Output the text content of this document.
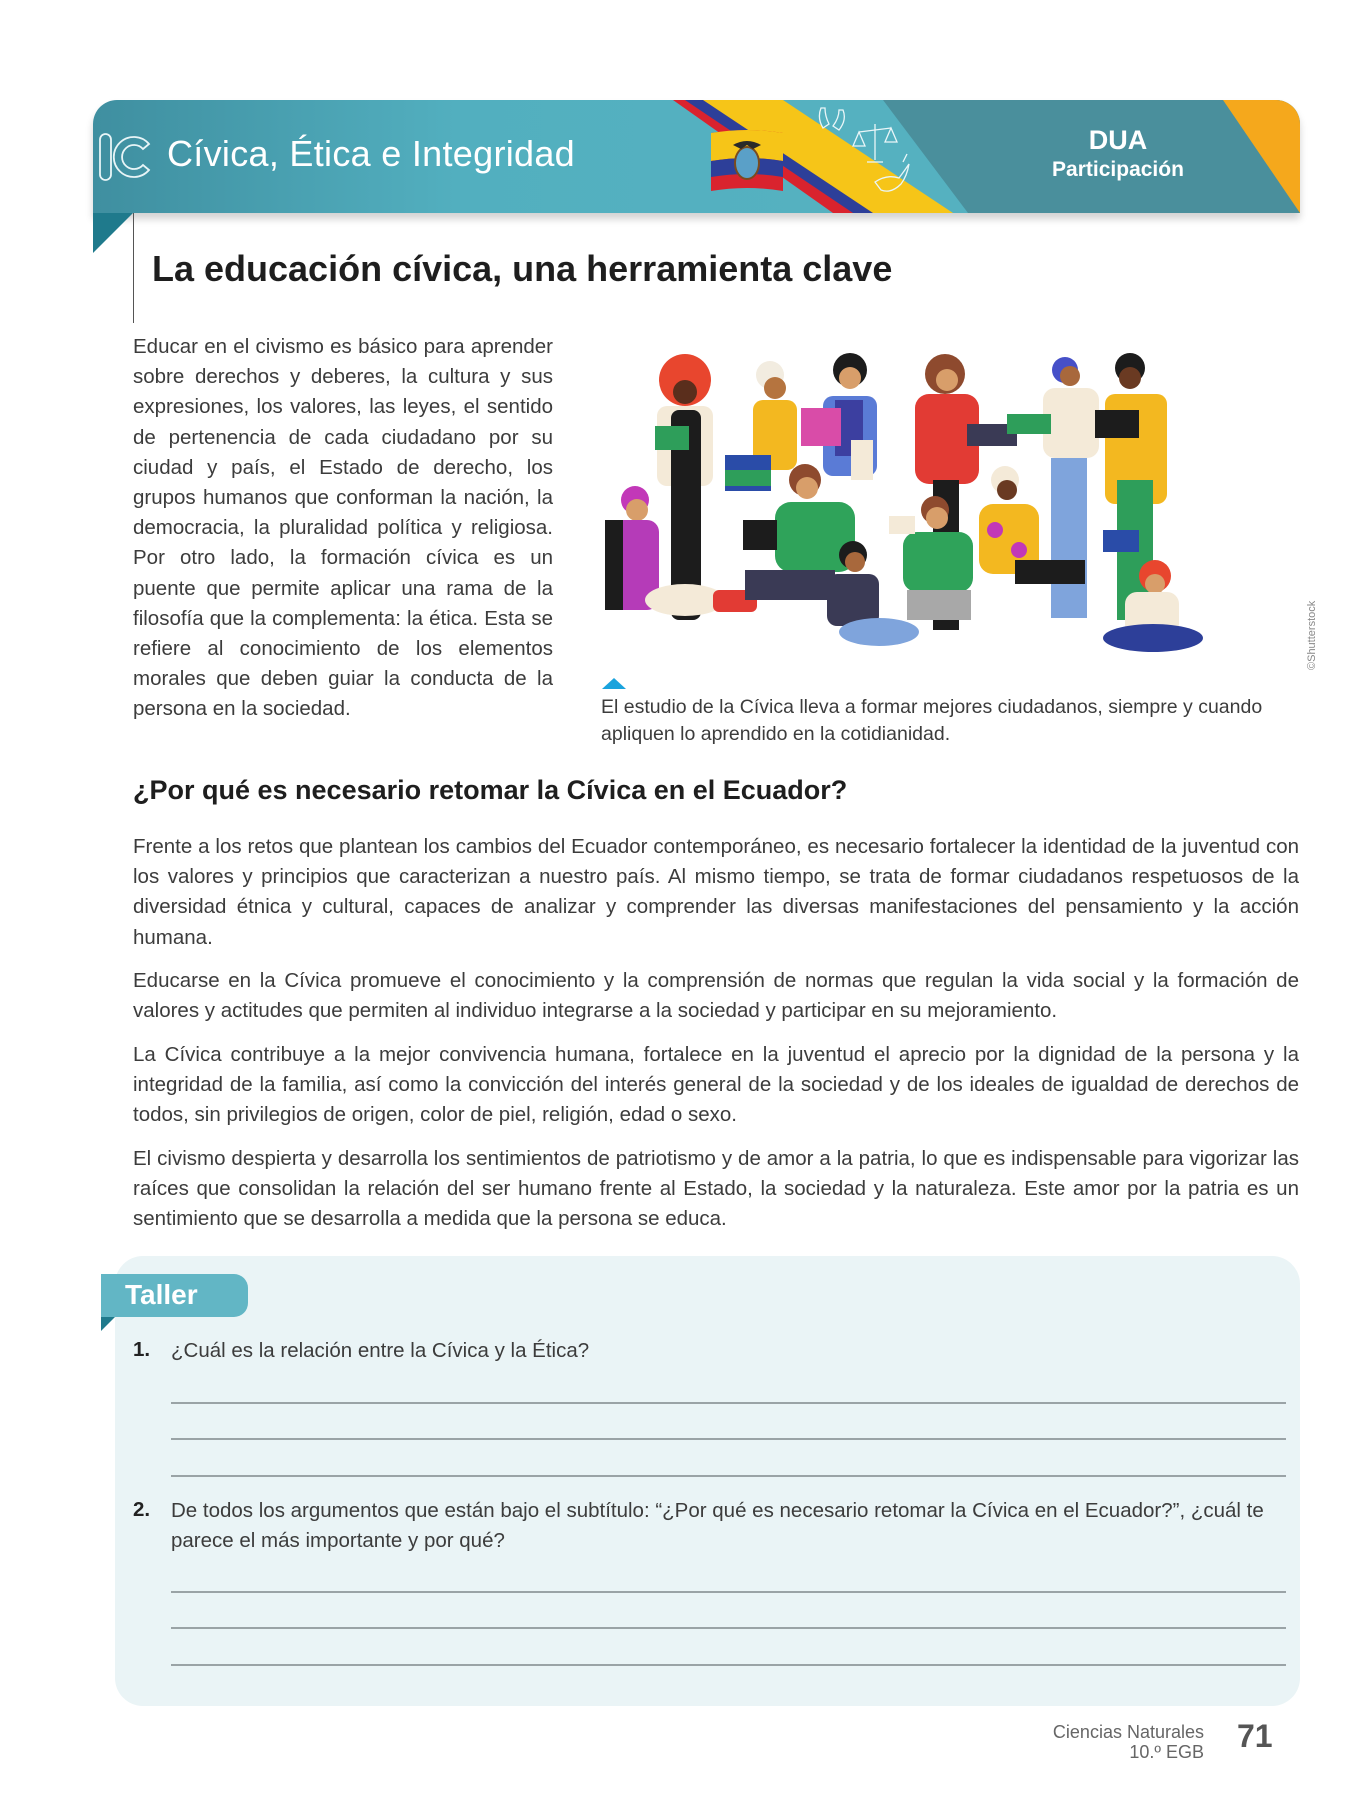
Cívica, Ética e Integridad	DUA
Participación
La educación cívica, una herramienta clave
Educar en el civismo es básico para aprender sobre derechos y deberes, la cultura y sus expresiones, los valores, las leyes, el sentido de pertenencia de cada ciudadano por su ciudad y país, el Estado de derecho, los grupos humanos que conforman la nación, la democracia, la pluralidad política y religiosa. Por otro lado, la formación cívica es un puente que permite aplicar una rama de la filosofía que la complementa: la ética. Esta se refiere al conocimiento de los elementos morales que deben guiar la conducta de la persona en la sociedad.
©Shutterstock
El estudio de la Cívica lleva a formar mejores ciudadanos, siempre y cuando apliquen lo aprendido en la cotidianidad.
¿Por qué es necesario retomar la Cívica en el Ecuador?
Frente a los retos que plantean los cambios del Ecuador contemporáneo, es necesario fortalecer la identidad de la juventud con los valores y principios que caracterizan a nuestro país. Al mismo tiempo, se trata de formar ciudadanos respetuosos de la diversidad étnica y cultural, capaces de analizar y comprender las diversas manifestaciones del pensamiento y la acción humana.
Educarse en la Cívica promueve el conocimiento y la comprensión de normas que regulan la vida social y la formación de valores y actitudes que permiten al individuo integrarse a la sociedad y participar en su mejoramiento.
La Cívica contribuye a la mejor convivencia humana, fortalece en la juventud el aprecio por la dignidad de la persona y la integridad de la familia, así como la convicción del interés general de la sociedad y de los ideales de igualdad de derechos de todos, sin privilegios de origen, color de piel, religión, edad o sexo.
El civismo despierta y desarrolla los sentimientos de patriotismo y de amor a la patria, lo que es indispensable para vigorizar las raíces que consolidan la relación del ser humano frente al Estado, la sociedad y la naturaleza. Este amor por la patria es un sentimiento que se desarrolla a medida que la persona se educa.
Taller
1. ¿Cuál es la relación entre la Cívica y la Ética?
2. De todos los argumentos que están bajo el subtítulo: “¿Por qué es necesario retomar la Cívica en el Ecuador?”, ¿cuál te parece el más importante y por qué?
Ciencias Naturales
10.º EGB 71
